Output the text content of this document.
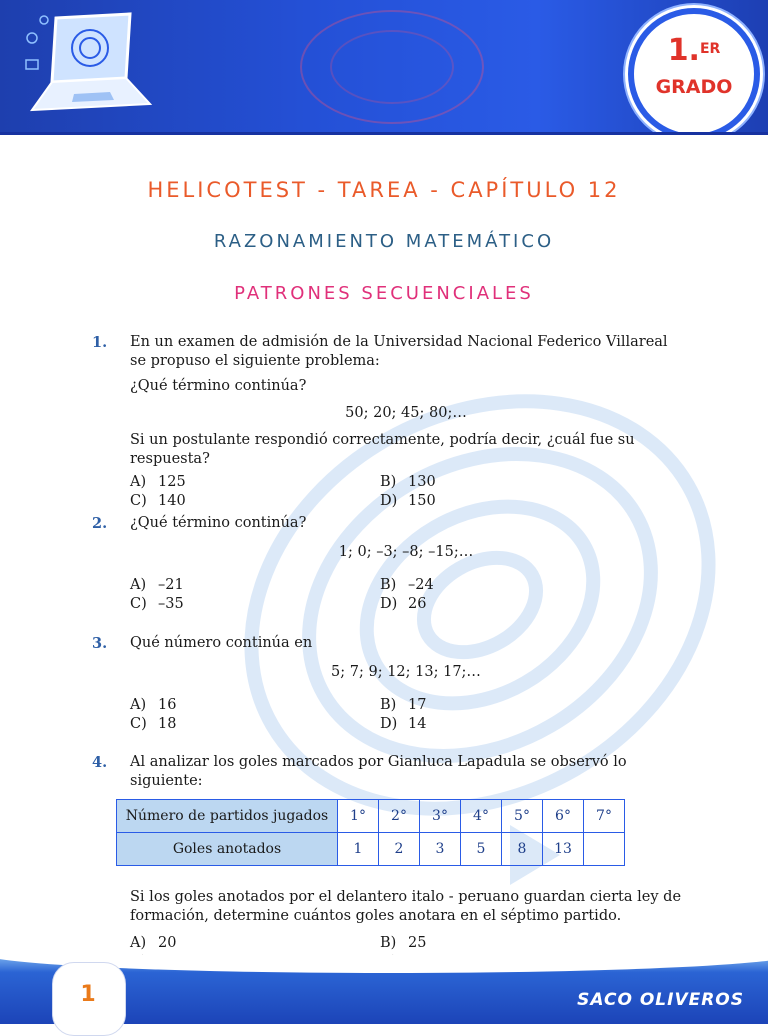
1.$^{ER}$
GRADO
HELICOTEST - TAREA - CAPÍTULO 12
RAZONAMIENTO MATEMÁTICO
PATRONES SECUENCIALES
1. En un examen de admisión de la Universidad Nacional Federico Villareal se propuso el siguiente problema:
¿Qué término continúa?
50; 20; 45; 80;…
Si un postulante respondió correctamente, podría decir, ¿cuál fue su respuesta?
A) 125	B) 130
C) 140	D) 150
2. ¿Qué término continúa?
1; 0; –3; –8; –15;…
A) –21	B) –24
C) –35	D) 26
3. Qué número continúa en
5; 7; 9; 12; 13; 17;…
A) 16	B) 17
C) 18	D) 14
4. Al analizar los goles marcados por Gianluca Lapadula se observó lo siguiente:
Número de partidos jugados	1°	2°	3°	4°	5°	6°	7°
Goles anotados	1	2	3	5	8	13	
Si los goles anotados por el delantero italo - peruano guardan cierta ley de formación, determine cuántos goles anotara en el séptimo partido.
A) 20	B) 25
1	SACO OLIVEROS
